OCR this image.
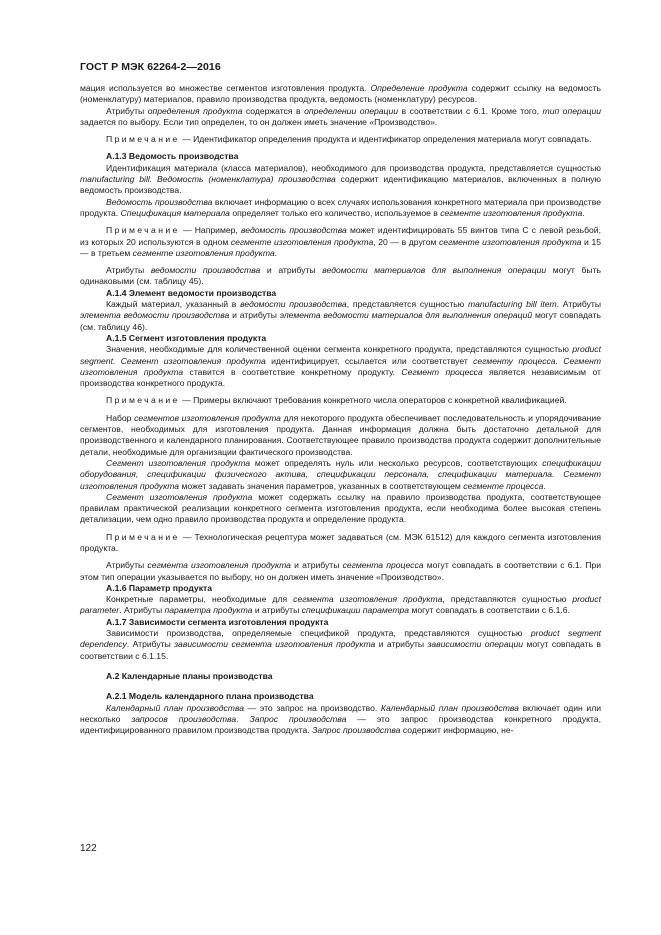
ГОСТ Р МЭК 62264-2—2016

мация используется во множестве сегментов изготовления продукта. Определение продукта содержит ссылку на ведомость (номенклатуру) материалов, правило производства продукта, ведомость (номенклатуру) ресурсов.

Атрибуты определения продукта содержатся в определении операции в соответствии с 6.1. Кроме того, тип операции задается по выбору. Если тип определен, то он должен иметь значение «Производство».

Примечание — Идентификатор определения продукта и идентификатор определения материала могут совпадать.

А.1.3 Ведомость производства

Идентификация материала (класса материалов), необходимого для производства продукта, представляется сущностью manufacturing bill. Ведомость (номенклатура) производства содержит идентификацию материалов, включенных в полную ведомость производства.

Ведомость производства включает информацию о всех случаях использования конкретного материала при производстве продукта. Спецификация материала определяет только его количество, используемое в сегменте изготовления продукта.

Примечание — Например, ведомость производства может идентифицировать 55 винтов типа C с левой резьбой, из которых 20 используются в одном сегменте изготовления продукта, 20 — в другом сегменте изготовления продукта и 15 — в третьем сегменте изготовления продукта.

Атрибуты ведомости производства и атрибуты ведомости материалов для выполнения операции могут быть одинаковыми (см. таблицу 45).

А.1.4 Элемент ведомости производства

Каждый материал, указанный в ведомости производства, представляется сущностью manufacturing bill item. Атрибуты элемента ведомости производства и атрибуты элемента ведомости материалов для выполнения операций могут совпадать (см. таблицу 46).

А.1.5 Сегмент изготовления продукта

Значения, необходимые для количественной оценки сегмента конкретного продукта, представляются сущностью product segment. Сегмент изготовления продукта идентифицирует, ссылается или соответствует сегменту процесса. Сегмент изготовления продукта ставится в соответствие конкретному продукту. Сегмент процесса является независимым от производства конкретного продукта.

Примечание — Примеры включают требования конкретного числа операторов с конкретной квалификацией.

Набор сегментов изготовления продукта для некоторого продукта обеспечивает последовательность и упорядочивание сегментов, необходимых для изготовления продукта. Данная информация должна быть достаточно детальной для производственного и календарного планирования. Соответствующее правило производства продукта содержит дополнительные детали, необходимые для организации фактического производства.

Сегмент изготовления продукта может определять нуль или несколько ресурсов, соответствующих спецификации оборудования, спецификации физического актива, спецификации персонала, спецификации материала. Сегмент изготовления продукта может задавать значения параметров, указанных в соответствующем сегменте процесса.

Сегмент изготовления продукта может содержать ссылку на правило производства продукта, соответствующее правилам практической реализации конкретного сегмента изготовления продукта, если необходима более высокая степень детализации, чем одно правило производства продукта и определение продукта.

Примечание — Технологическая рецептура может задаваться (см. МЭК 61512) для каждого сегмента изготовления продукта.

Атрибуты сегмента изготовления продукта и атрибуты сегмента процесса могут совпадать в соответствии с 6.1. При этом тип операции указывается по выбору, но он должен иметь значение «Производство».

А.1.6 Параметр продукта

Конкретные параметры, необходимые для сегмента изготовления продукта, представляются сущностью product parameter. Атрибуты параметра продукта и атрибуты спецификации параметра могут совпадать в соответствии с 6.1.6.

А.1.7 Зависимости сегмента изготовления продукта

Зависимости производства, определяемые спецификой продукта, представляются сущностью product segment dependency. Атрибуты зависимости сегмента изготовления продукта и атрибуты зависимости операции могут совпадать в соответствии с 6.1.15.

А.2 Календарные планы производства

А.2.1 Модель календарного плана производства

Календарный план производства — это запрос на производство. Календарный план производства включает один или несколько запросов производства. Запрос производства — это запрос производства конкретного продукта, идентифицированного правилом производства продукта. Запрос производства содержит информацию, не-

122
